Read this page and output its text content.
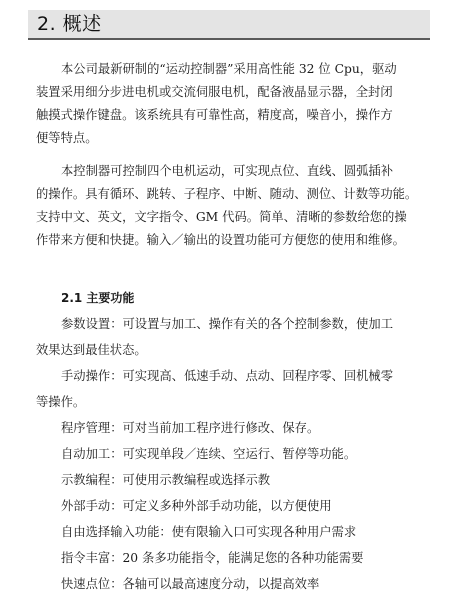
2. 概述
本公司最新研制的“运动控制器”采用高性能 32 位 Cpu，驱动
装置采用细分步进电机或交流伺服电机，配备液晶显示器，全封闭
触摸式操作键盘。该系统具有可靠性高，精度高，噪音小，操作方
便等特点。
本控制器可控制四个电机运动，可实现点位、直线、圆弧插补
的操作。具有循环、跳转、子程序、中断、随动、测位、计数等功能。
支持中文、英文，文字指令、GM 代码。简单、清晰的参数给您的操
作带来方便和快捷。输入／输出的设置功能可方便您的使用和维修。
2.1 主要功能
参数设置：可设置与加工、操作有关的各个控制参数，使加工
效果达到最佳状态。
手动操作：可实现高、低速手动、点动、回程序零、回机械零
等操作。
程序管理：可对当前加工程序进行修改、保存。
自动加工：可实现单段／连续、空运行、暂停等功能。
示教编程：可使用示教编程或选择示教
外部手动：可定义多种外部手动功能，以方便使用
自由选择输入功能：使有限输入口可实现各种用户需求
指令丰富：20 条多功能指令，能满足您的各种功能需要
快速点位：各轴可以最高速度分动，以提高效率
